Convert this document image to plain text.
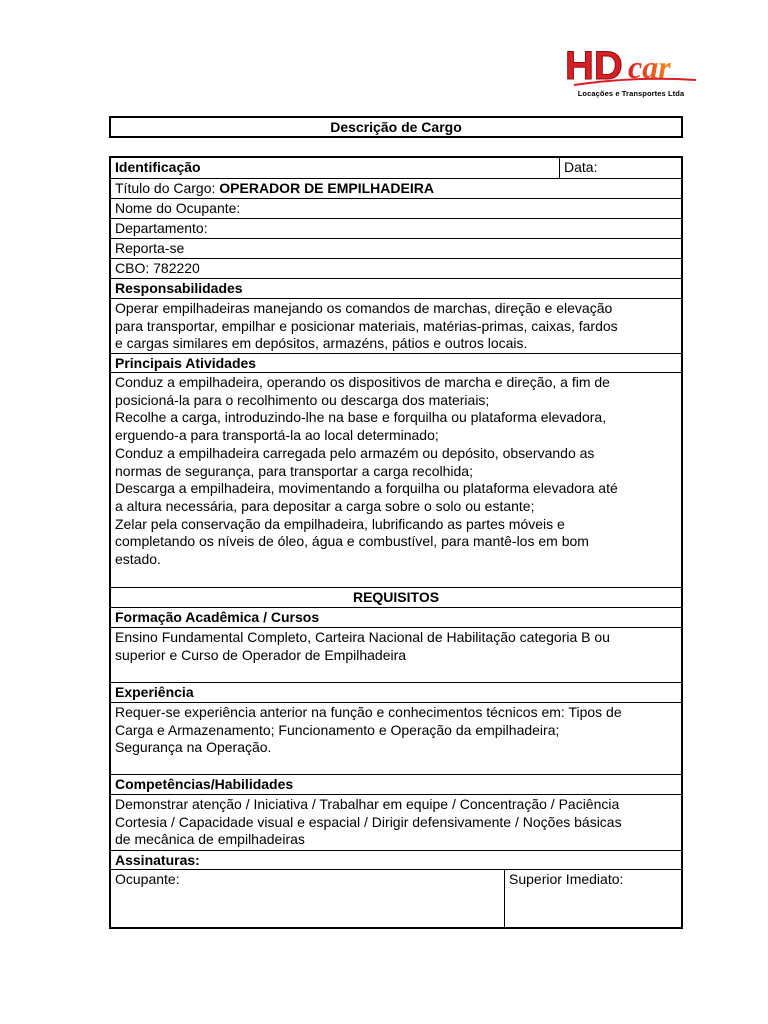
HD car
Locações e Transportes Ltda
Descrição de Cargo
Identificação	Data:
Título do Cargo: OPERADOR DE EMPILHADEIRA
Nome do Ocupante:
Departamento:
Reporta-se
CBO: 782220
Responsabilidades
Operar empilhadeiras manejando os comandos de marchas, direção e elevação
para transportar, empilhar e posicionar materiais, matérias-primas, caixas, fardos
e cargas similares em depósitos, armazéns, pátios e outros locais.
Principais Atividades
Conduz a empilhadeira, operando os dispositivos de marcha e direção, a fim de
posicioná-la para o recolhimento ou descarga dos materiais;
Recolhe a carga, introduzindo-lhe na base e forquilha ou plataforma elevadora,
erguendo-a para transportá-la ao local determinado;
Conduz a empilhadeira carregada pelo armazém ou depósito, observando as
normas de segurança, para transportar a carga recolhida;
Descarga a empilhadeira, movimentando a forquilha ou plataforma elevadora até
a altura necessária, para depositar a carga sobre o solo ou estante;
Zelar pela conservação da empilhadeira, lubrificando as partes móveis e
completando os níveis de óleo, água e combustível, para mantê-los em bom
estado.
REQUISITOS
Formação Acadêmica / Cursos
Ensino Fundamental Completo, Carteira Nacional de Habilitação categoria B ou
superior e Curso de Operador de Empilhadeira
Experiência
Requer-se experiência anterior na função e conhecimentos técnicos em: Tipos de
Carga e Armazenamento; Funcionamento e Operação da empilhadeira;
Segurança na Operação.
Competências/Habilidades
Demonstrar atenção / Iniciativa / Trabalhar em equipe / Concentração / Paciência
Cortesia / Capacidade visual e espacial / Dirigir defensivamente / Noções básicas
de mecânica de empilhadeiras
Assinaturas:
Ocupante:	Superior Imediato:
